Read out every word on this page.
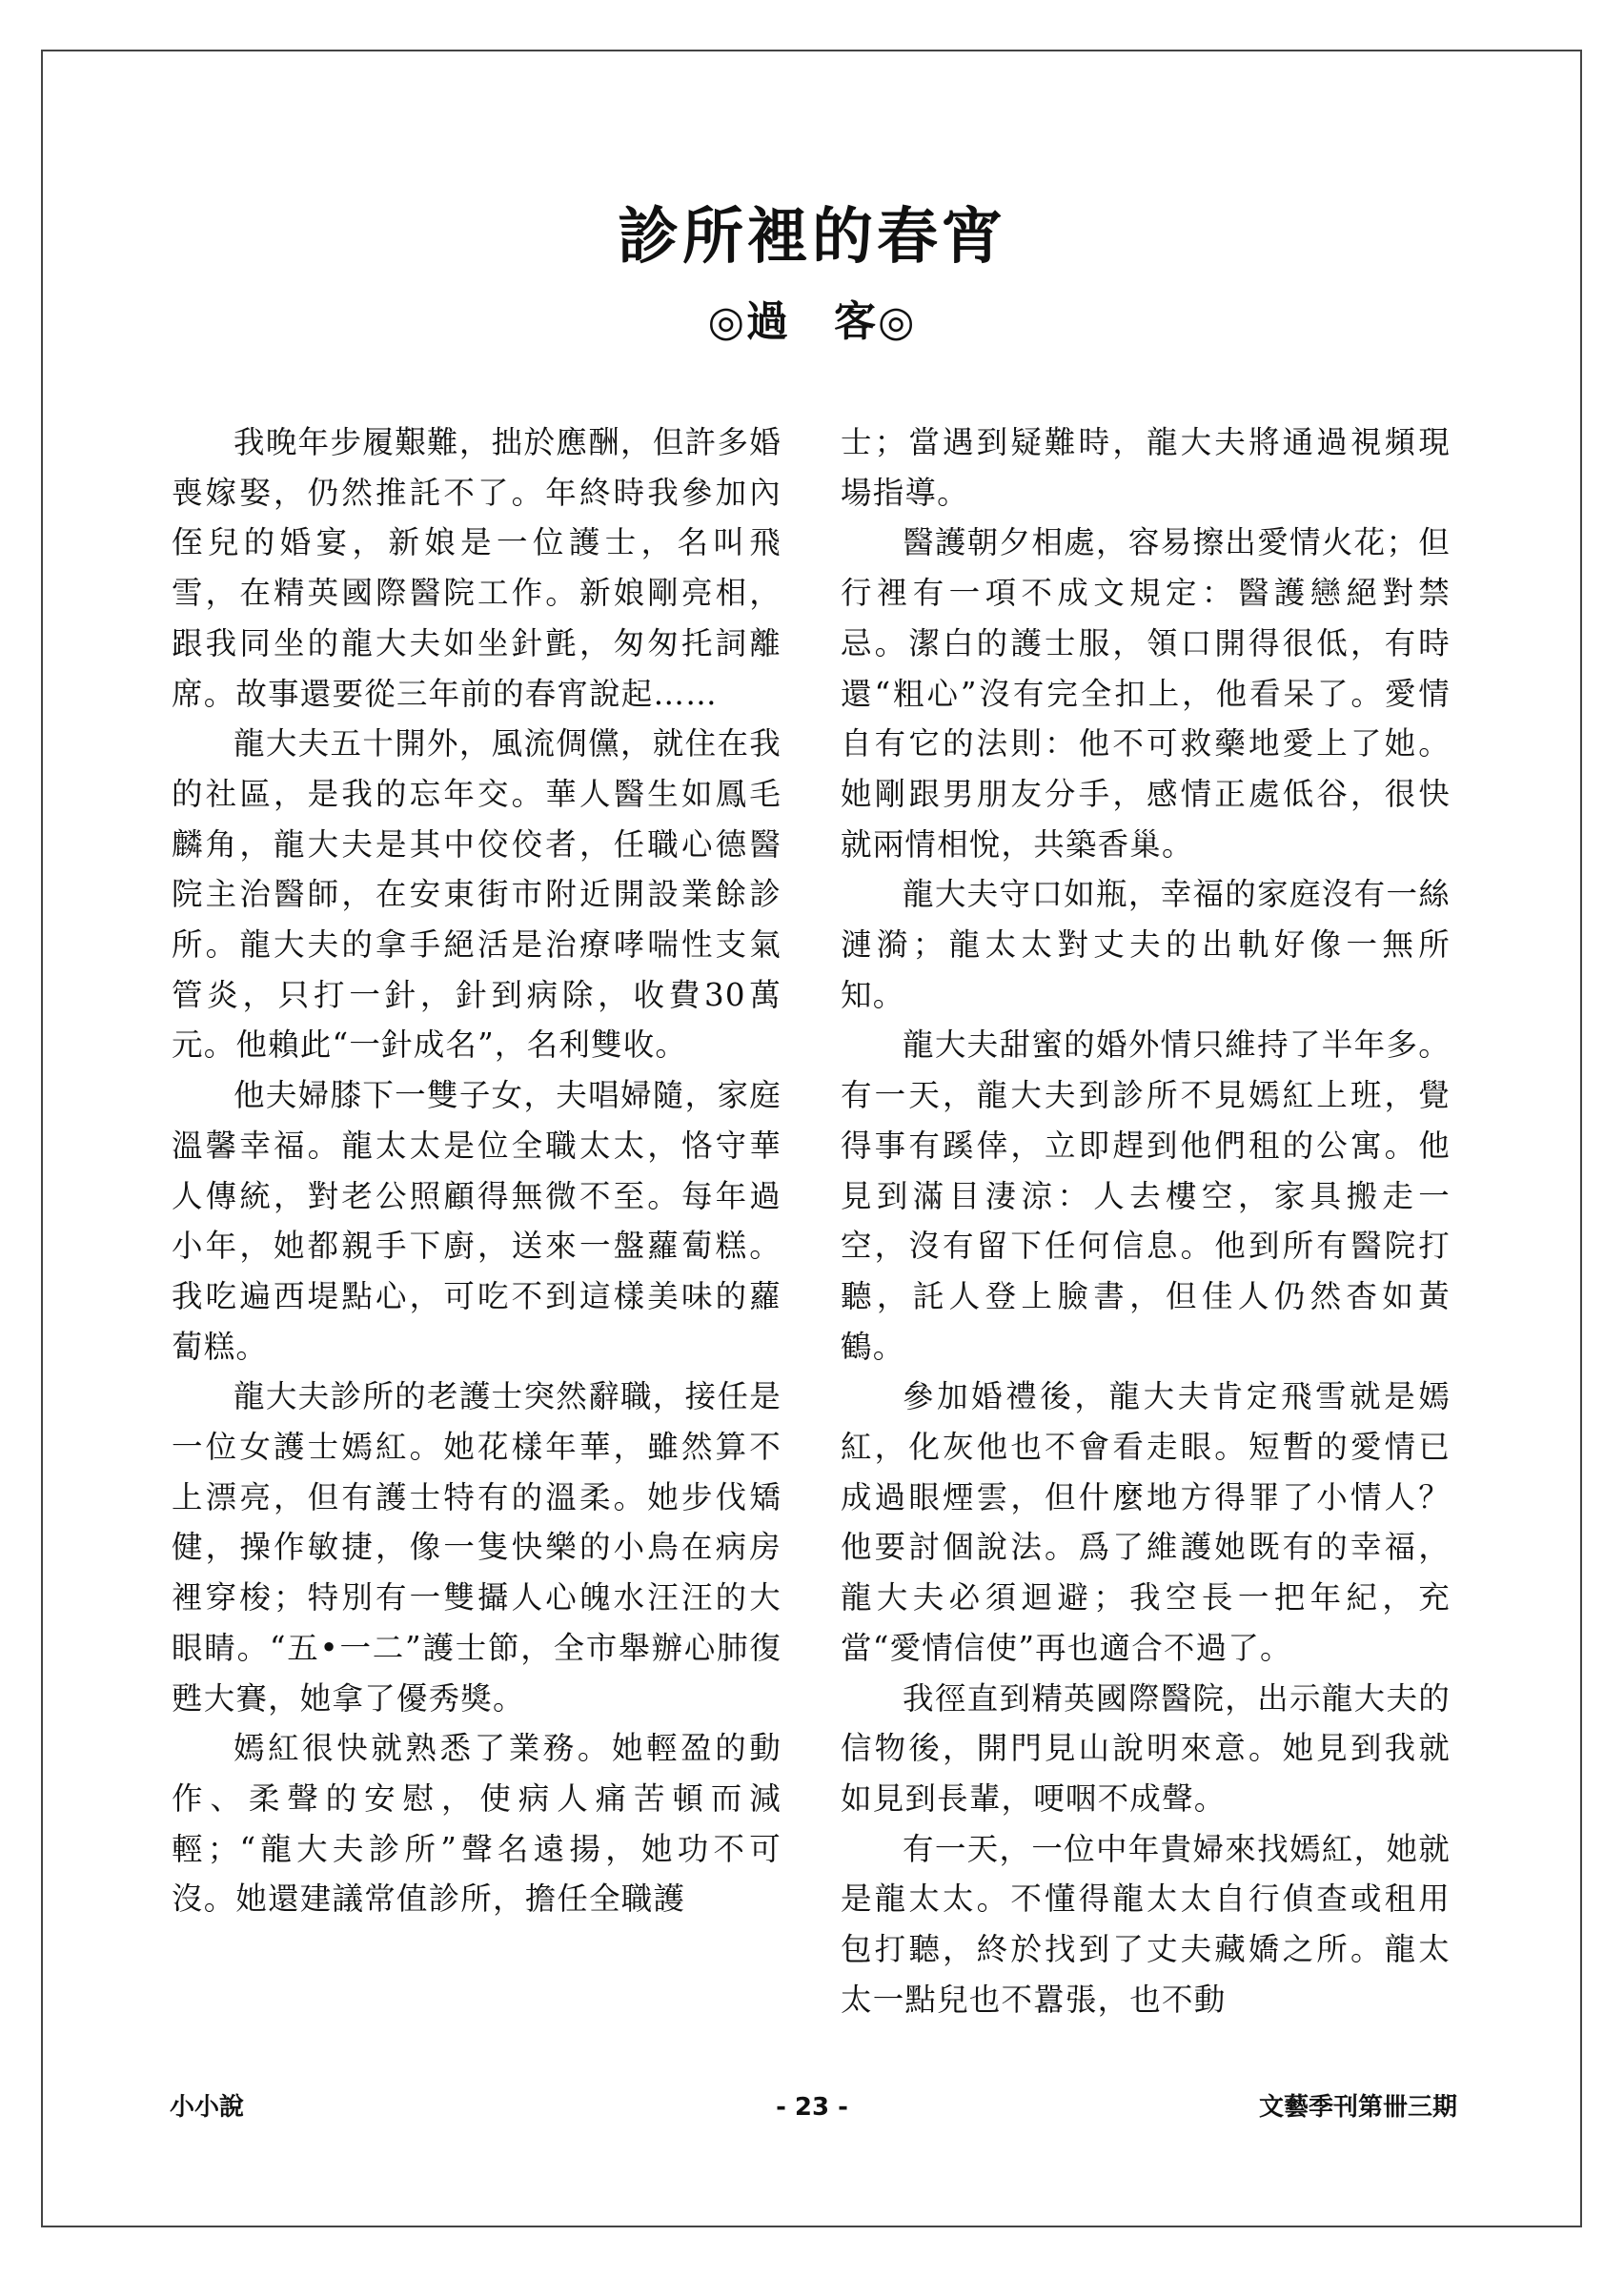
診所裡的春宵
◎過　客◎

我晚年步履艱難，拙於應酬，但許多婚喪嫁娶，仍然推託不了。年終時我參加內侄兒的婚宴，新娘是一位護士，名叫飛雪，在精英國際醫院工作。新娘剛亮相，跟我同坐的龍大夫如坐針氈，匆匆托詞離席。故事還要從三年前的春宵說起……

龍大夫五十開外，風流倜儻，就住在我的社區，是我的忘年交。華人醫生如鳳毛麟角，龍大夫是其中佼佼者，任職心德醫院主治醫師，在安東街市附近開設業餘診所。龍大夫的拿手絕活是治療哮喘性支氣管炎，只打一針，針到病除，收費30萬元。他賴此“一針成名”，名利雙收。

他夫婦膝下一雙子女，夫唱婦隨，家庭溫馨幸福。龍太太是位全職太太，恪守華人傳統，對老公照顧得無微不至。每年過小年，她都親手下廚，送來一盤蘿蔔糕。我吃遍西堤點心，可吃不到這樣美味的蘿蔔糕。

龍大夫診所的老護士突然辭職，接任是一位女護士嫣紅。她花樣年華，雖然算不上漂亮，但有護士特有的溫柔。她步伐矯健，操作敏捷，像一隻快樂的小鳥在病房裡穿梭；特別有一雙攝人心魄水汪汪的大眼睛。“五•一二”護士節，全市舉辦心肺復甦大賽，她拿了優秀獎。

嫣紅很快就熟悉了業務。她輕盈的動作、柔聲的安慰，使病人痛苦頓而減輕；“龍大夫診所”聲名遠揚，她功不可沒。她還建議常值診所，擔任全職護

士；當遇到疑難時，龍大夫將通過視頻現場指導。

醫護朝夕相處，容易擦出愛情火花；但行裡有一項不成文規定：醫護戀絕對禁忌。潔白的護士服，領口開得很低，有時還“粗心”沒有完全扣上，他看呆了。愛情自有它的法則：他不可救藥地愛上了她。她剛跟男朋友分手，感情正處低谷，很快就兩情相悅，共築香巢。

龍大夫守口如瓶，幸福的家庭沒有一絲漣漪；龍太太對丈夫的出軌好像一無所知。

龍大夫甜蜜的婚外情只維持了半年多。有一天，龍大夫到診所不見嫣紅上班，覺得事有蹊倖，立即趕到他們租的公寓。他見到滿目淒涼：人去樓空，家具搬走一空，沒有留下任何信息。他到所有醫院打聽，託人登上臉書，但佳人仍然杳如黃鶴。

參加婚禮後，龍大夫肯定飛雪就是嫣紅，化灰他也不會看走眼。短暫的愛情已成過眼煙雲，但什麼地方得罪了小情人？他要討個說法。爲了維護她既有的幸福，龍大夫必須迴避；我空長一把年紀，充當“愛情信使”再也適合不過了。

我徑直到精英國際醫院，出示龍大夫的信物後，開門見山說明來意。她見到我就如見到長輩，哽咽不成聲。

有一天，一位中年貴婦來找嫣紅，她就是龍太太。不懂得龍太太自行偵查或租用包打聽，終於找到了丈夫藏嬌之所。龍太太一點兒也不囂張，也不動

小小說	- 23 -	文藝季刊第卌三期
